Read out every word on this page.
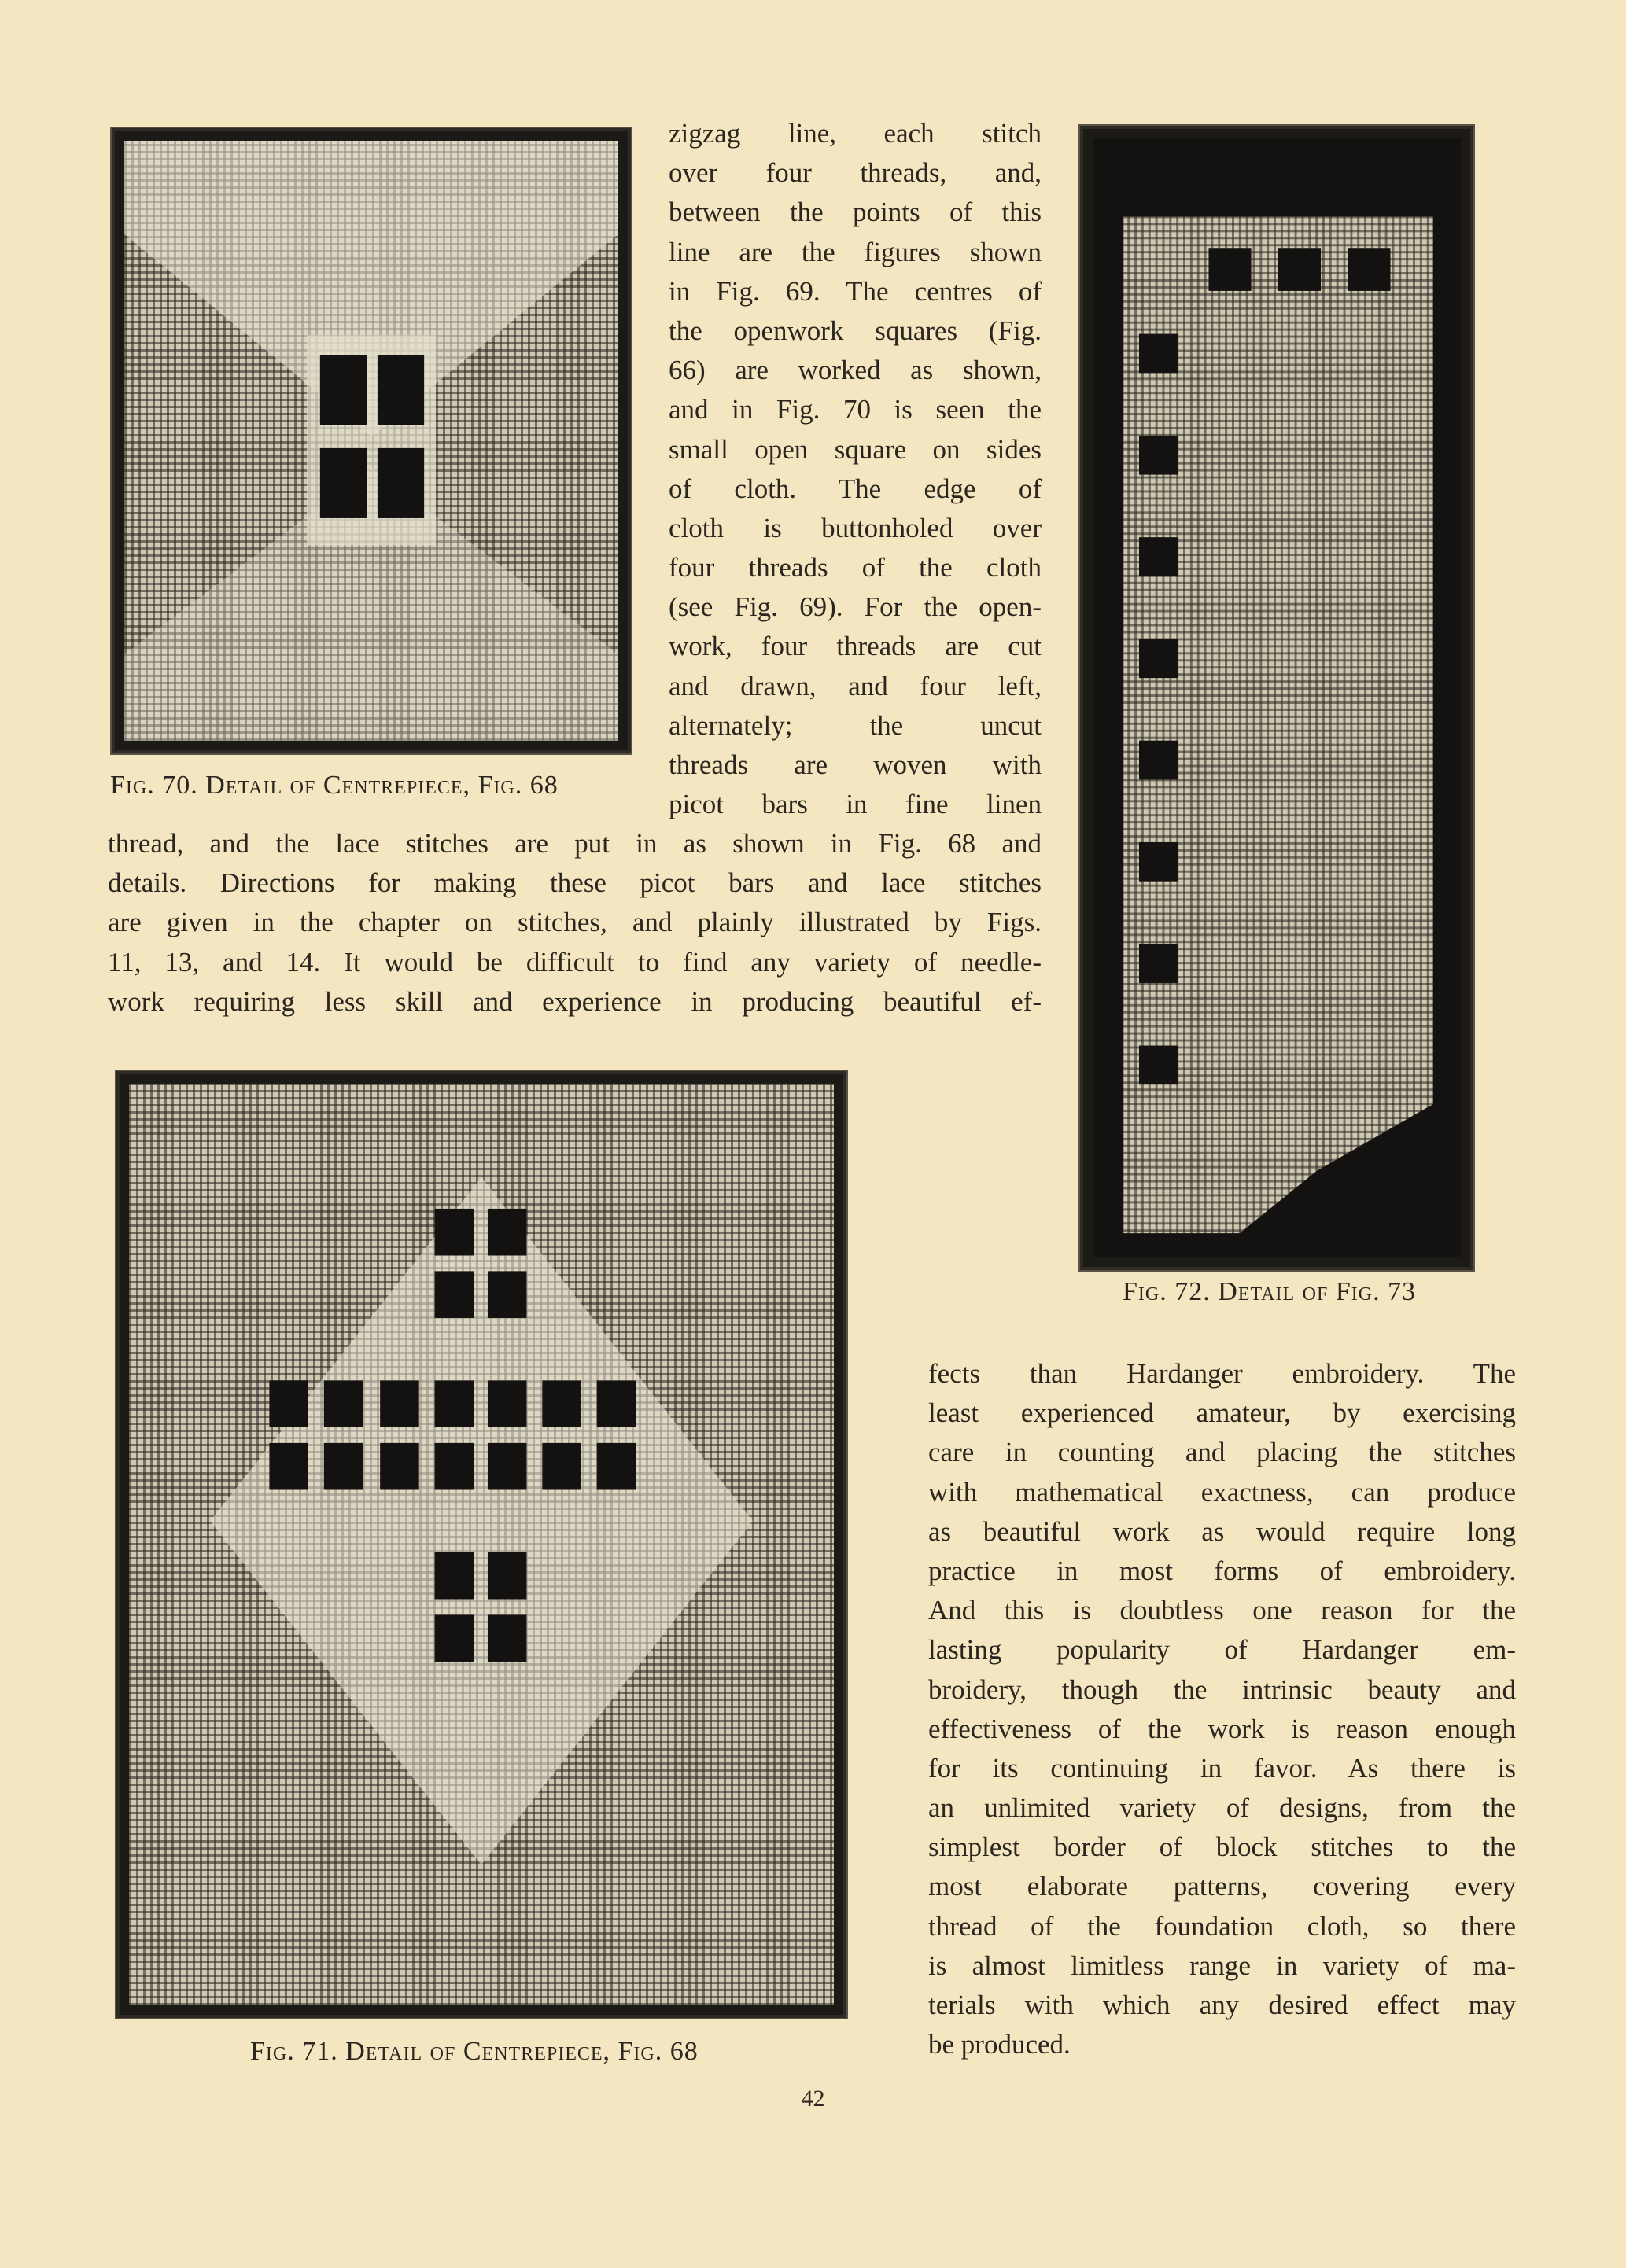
Fig. 70. Detail of Centrepiece, Fig. 68
Fig. 72. Detail of Fig. 73
Fig. 71. Detail of Centrepiece, Fig. 68
zigzag line, each stitch
over four threads, and,
between the points of this
line are the figures shown
in Fig. 69. The centres of
the openwork squares (Fig.
66) are worked as shown,
and in Fig. 70 is seen the
small open square on sides
of cloth. The edge of
cloth is buttonholed over
four threads of the cloth
(see Fig. 69). For the open-
work, four threads are cut
and drawn, and four left,
alternately; the uncut
threads are woven with
picot bars in fine linen
thread, and the lace stitches are put in as shown in Fig. 68 and
details. Directions for making these picot bars and lace stitches
are given in the chapter on stitches, and plainly illustrated by Figs.
11, 13, and 14. It would be difficult to find any variety of needle-
work requiring less skill and experience in producing beautiful ef-
fects than Hardanger embroidery. The
least experienced amateur, by exercising
care in counting and placing the stitches
with mathematical exactness, can produce
as beautiful work as would require long
practice in most forms of embroidery.
And this is doubtless one reason for the
lasting popularity of Hardanger em-
broidery, though the intrinsic beauty and
effectiveness of the work is reason enough
for its continuing in favor. As there is
an unlimited variety of designs, from the
simplest border of block stitches to the
most elaborate patterns, covering every
thread of the foundation cloth, so there
is almost limitless range in variety of ma-
terials with which any desired effect may
be produced.
42
